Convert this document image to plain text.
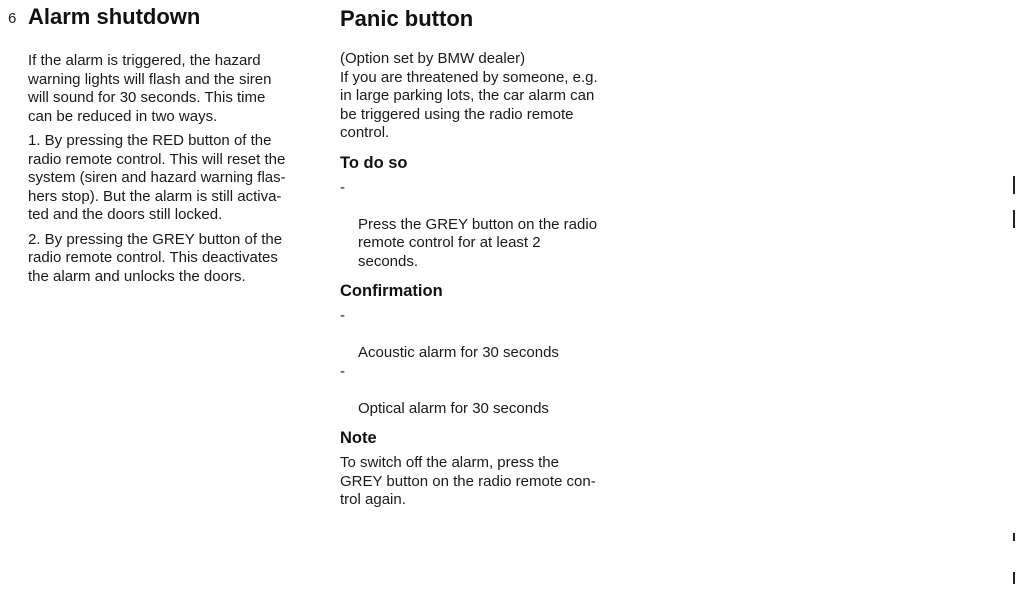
6 Alarm shutdown

If the alarm is triggered, the hazard
warning lights will flash and the siren
will sound for 30 seconds. This time
can be reduced in two ways.

1. By pressing the RED button of the
radio remote control. This will reset the
system (siren and hazard warning flas-
hers stop). But the alarm is still activa-
ted and the doors still locked.

2. By pressing the GREY button of the
radio remote control. This deactivates
the alarm and unlocks the doors.

Panic button

(Option set by BMW dealer)
If you are threatened by someone, e.g.
in large parking lots, the car alarm can
be triggered using the radio remote
control.

To do so

-

Press the GREY button on the radio
remote control for at least 2
seconds.

Confirmation

-

Acoustic alarm for 30 seconds

-

Optical alarm for 30 seconds

Note

To switch off the alarm, press the
GREY button on the radio remote con-
trol again.
